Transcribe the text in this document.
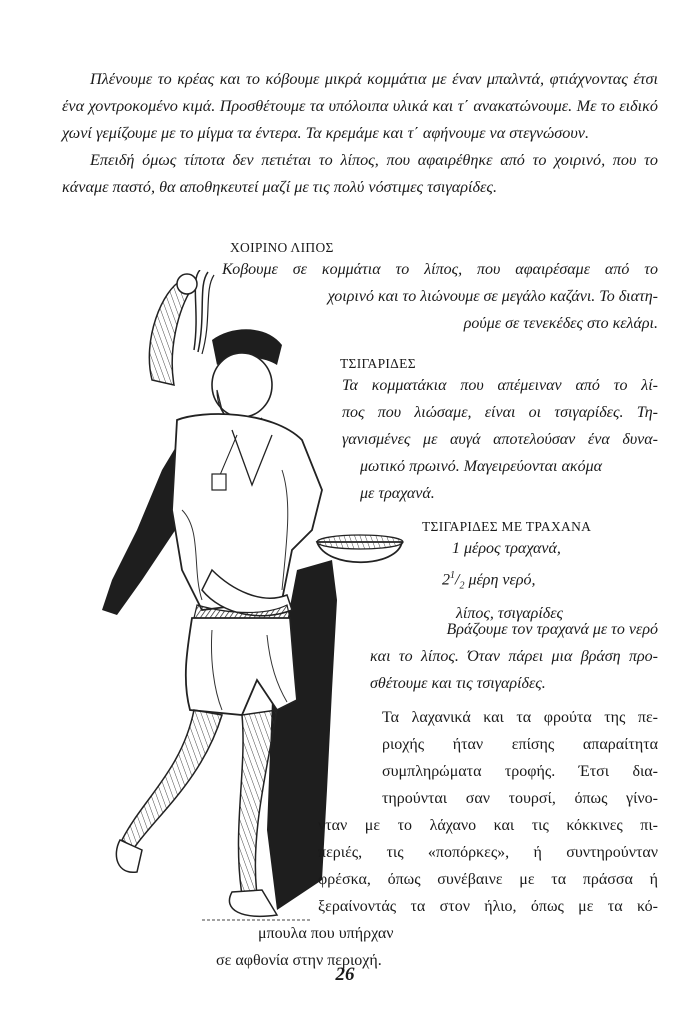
Πλένουμε το κρέας και το κόβουμε μικρά κομμάτια με έναν μπαλντά, φτιάχνοντας έτσι ένα χοντροκομένο κιμά. Προσθέτουμε τα υπόλοιπα υλικά και τ΄ ανακατώνουμε. Με το ειδικό χωνί γεμίζουμε με το μίγμα τα έντερα. Τα κρεμάμε και τ΄ αφήνουμε να στεγνώσουν.

Επειδή όμως τίποτα δεν πετιέται το λίπος, που αφαιρέθηκε από το χοιρινό, που το κάναμε παστό, θα αποθηκευτεί μαζί με τις πολύ νόστιμες τσιγαρίδες.

ΧΟΙΡΙΝΟ ΛΙΠΟΣ
Κοβουμε σε κομμάτια το λίπος, που αφαιρέσαμε από το
χοιρινό και το λιώνουμε σε μεγάλο καζάνι. Το διατη-
ρούμε σε τενεκέδες στο κελάρι.
ΤΣΙΓΑΡΙΔΕΣ
Τα κομματάκια που απέμειναν από το λί-
πος που λιώσαμε, είναι οι τσιγαρίδες. Τη-
γανισμένες με αυγά αποτελούσαν ένα δυνα-
μωτικό πρωινό. Μαγειρεύονται ακόμα
με τραχανά.
ΤΣΙΓΑΡΙΔΕΣ ΜΕ ΤΡΑΧΑΝΑ
1 μέρος τραχανά,
$2^1/_2$ μέρη νερό,
λίπος, τσιγαρίδες
Βράζουμε τον τραχανά με το νερό
και το λίπος. Όταν πάρει μια βράση προ-
σθέτουμε και τις τσιγαρίδες.
Τα λαχανικά και τα φρούτα της πε-
ριοχής ήταν επίσης απαραίτητα
συμπληρώματα τροφής. Έτσι δια-
τηρούνται σαν τουρσί, όπως γίνο-
νταν με το λάχανο και τις κόκκινες πι-
περιές, τις «ποπόρκες», ή συντηρούνταν
φρέσκα, όπως συνέβαινε με τα πράσσα ή
ξεραίνοντάς τα στον ήλιο, όπως με τα κό-
μπουλα που υπήρχαν
σε αφθονία στην περιοχή.
26
